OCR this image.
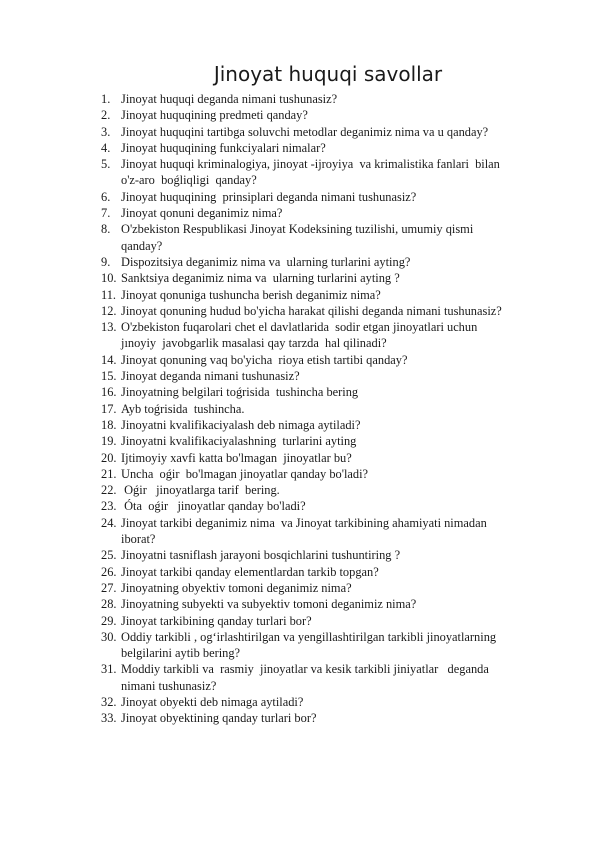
Jinoyat huquqi savollar
1. Jinoyat huquqi deganda nimani tushunasiz?
2. Jinoyat huquqining predmeti qanday?
3. Jinoyat huquqini tartibga soluvchi metodlar deganimiz nima va u qanday?
4. Jinoyat huquqining funkciyalari nimalar?
5. Jinoyat huquqi kriminalogiya, jinoyat -ijroyiya  va krimalistika fanlari  bilan
o'z-aro  boǵliqligi  qanday?
6. Jinoyat huquqining  prinsiplari deganda nimani tushunasiz?
7. Jinoyat qonuni deganimiz nima?
8. O'zbekiston Respublikasi Jinoyat Kodeksining tuzilishi, umumiy qismi
qanday?
9. Dispozitsiya deganimiz nima va  ularning turlarini ayting?
10. Sanktsiya deganimiz nima va  ularning turlarini ayting ?
11. Jinoyat qonuniga tushuncha berish deganimiz nima?
12. Jinoyat qonuning hudud bo'yicha harakat qilishi deganda nimani tushunasiz?
13. O'zbekiston fuqarolari chet el davlatlarida  sodir etgan jinoyatlari uchun
jınoyiy  javobgarlik masalasi qay tarzda  hal qilinadi?
14. Jinoyat qonuning vaq bo'yicha  rioya etish tartibi qanday?
15. Jinoyat deganda nimani tushunasiz?
16. Jinoyatning belgilari toǵrisida  tushincha bering
17. Ayb toǵrisida  tushincha.
18. Jinoyatni kvalifikaciyalash deb nimaga aytiladi?
19. Jinoyatni kvalifikaciyalashning  turlarini ayting
20. Ijtimoyiy xavfi katta bo'lmagan  jinoyatlar bu?
21. Uncha  oǵir  bo'lmagan jinoyatlar qanday bo'ladi?
22. Oǵir   jinoyatlarga tarif  bering.
23. Óta  oǵir   jinoyatlar qanday bo'ladi?
24. Jinoyat tarkibi deganimiz nima  va Jinoyat tarkibining ahamiyati nimadan
iborat?
25. Jinoyatni tasniflash jarayoni bosqichlarini tushuntiring ?
26. Jinoyat tarkibi qanday elementlardan tarkib topgan?
27. Jinoyatning obyektiv tomoni deganimiz nima?
28. Jinoyatning subyekti va subyektiv tomoni deganimiz nima?
29. Jinoyat tarkibining qanday turlari bor?
30. Oddiy tarkibli , og‘irlashtirilgan va yengillashtirilgan tarkibli jinoyatlarning
belgilarini aytib bering?
31. Moddiy tarkibli va  rasmiy  jinoyatlar va kesik tarkibli jiniyatlar   deganda
nimani tushunasiz?
32. Jinoyat obyekti deb nimaga aytiladi?
33. Jinoyat obyektining qanday turlari bor?
